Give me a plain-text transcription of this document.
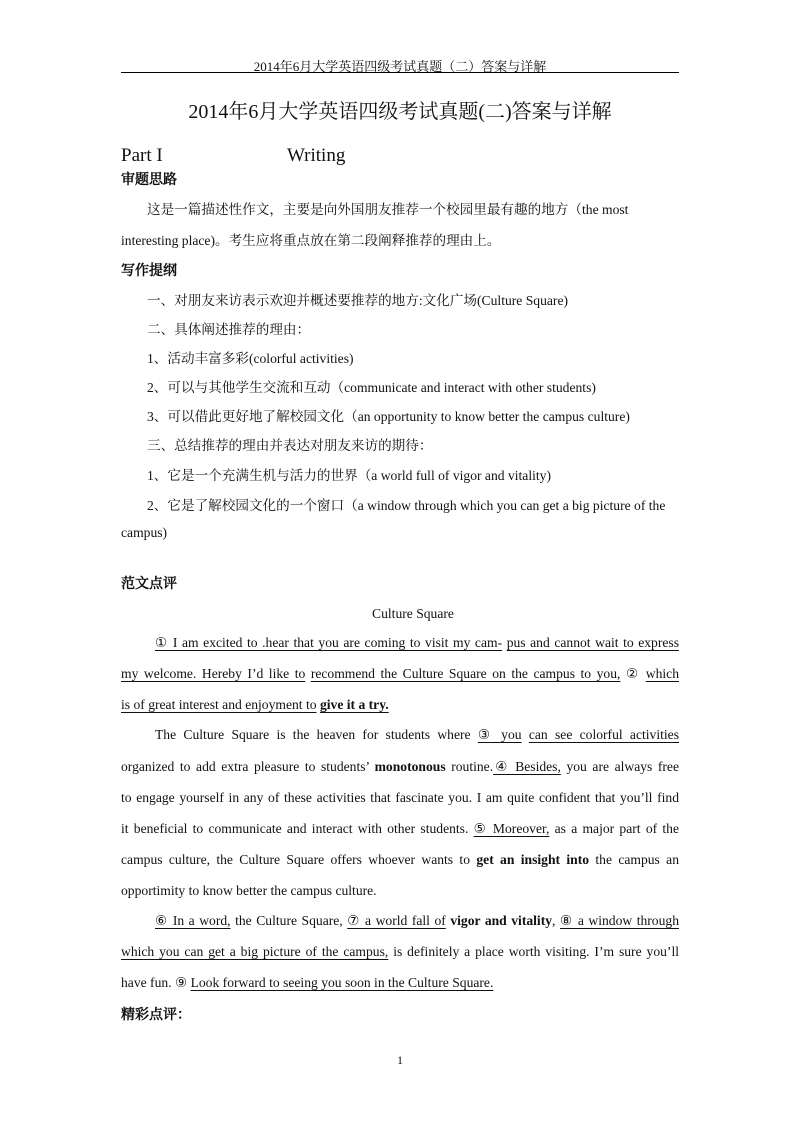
2014年6月大学英语四级考试真题（二）答案与详解
2014年6月大学英语四级考试真题(二)答案与详解
Part I	Writing
审题思路
这是一篇描述性作文，主要是向外国朋友推荐一个校园里最有趣的地方（the most
interesting place)。考生应将重点放在第二段阐释推荐的理由上。
写作提纲
一、对朋友来访表示欢迎并概述要推荐的地方:文化广场(Culture Square)
二、具体阐述推荐的理由：
1、活动丰富多彩(colorful activities)
2、可以与其他学生交流和互动（communicate and interact with other students)
3、可以借此更好地了解校园文化（an opportunity to know better the campus culture)
三、总结推荐的理由并表达对朋友来访的期待：
1、它是一个充满生机与活力的世界（a world full of vigor and vitality)
2、它是了解校园文化的一个窗口（a window through which you can get a big picture of the
campus)
范文点评
Culture Square
① I am excited to .hear that you are coming to visit my cam- pus and cannot wait to express
my welcome. Hereby I’d like to recommend the Culture Square on the campus to you, ② which
is of great interest and enjoyment to give it a try.
The Culture Square is the heaven for students where ③ you can see colorful activities
organized to add extra pleasure to students’ monotonous routine.④ Besides, you are always free
to engage yourself in any of these activities that fascinate you. I am quite confident that you’ll find
it beneficial to communicate and interact with other students. ⑤ Moreover, as a major part of the
campus culture, the Culture Square offers whoever wants to get an insight into the campus an
opportimity to know better the campus culture.
⑥ In a word, the Culture Square, ⑦ a world fall of vigor and vitality, ⑧ a window through
which you can get a big picture of the campus, is definitely a place worth visiting. I’m sure you’ll
have fun. ⑨ Look forward to seeing you soon in the Culture Square.
精彩点评：
1
